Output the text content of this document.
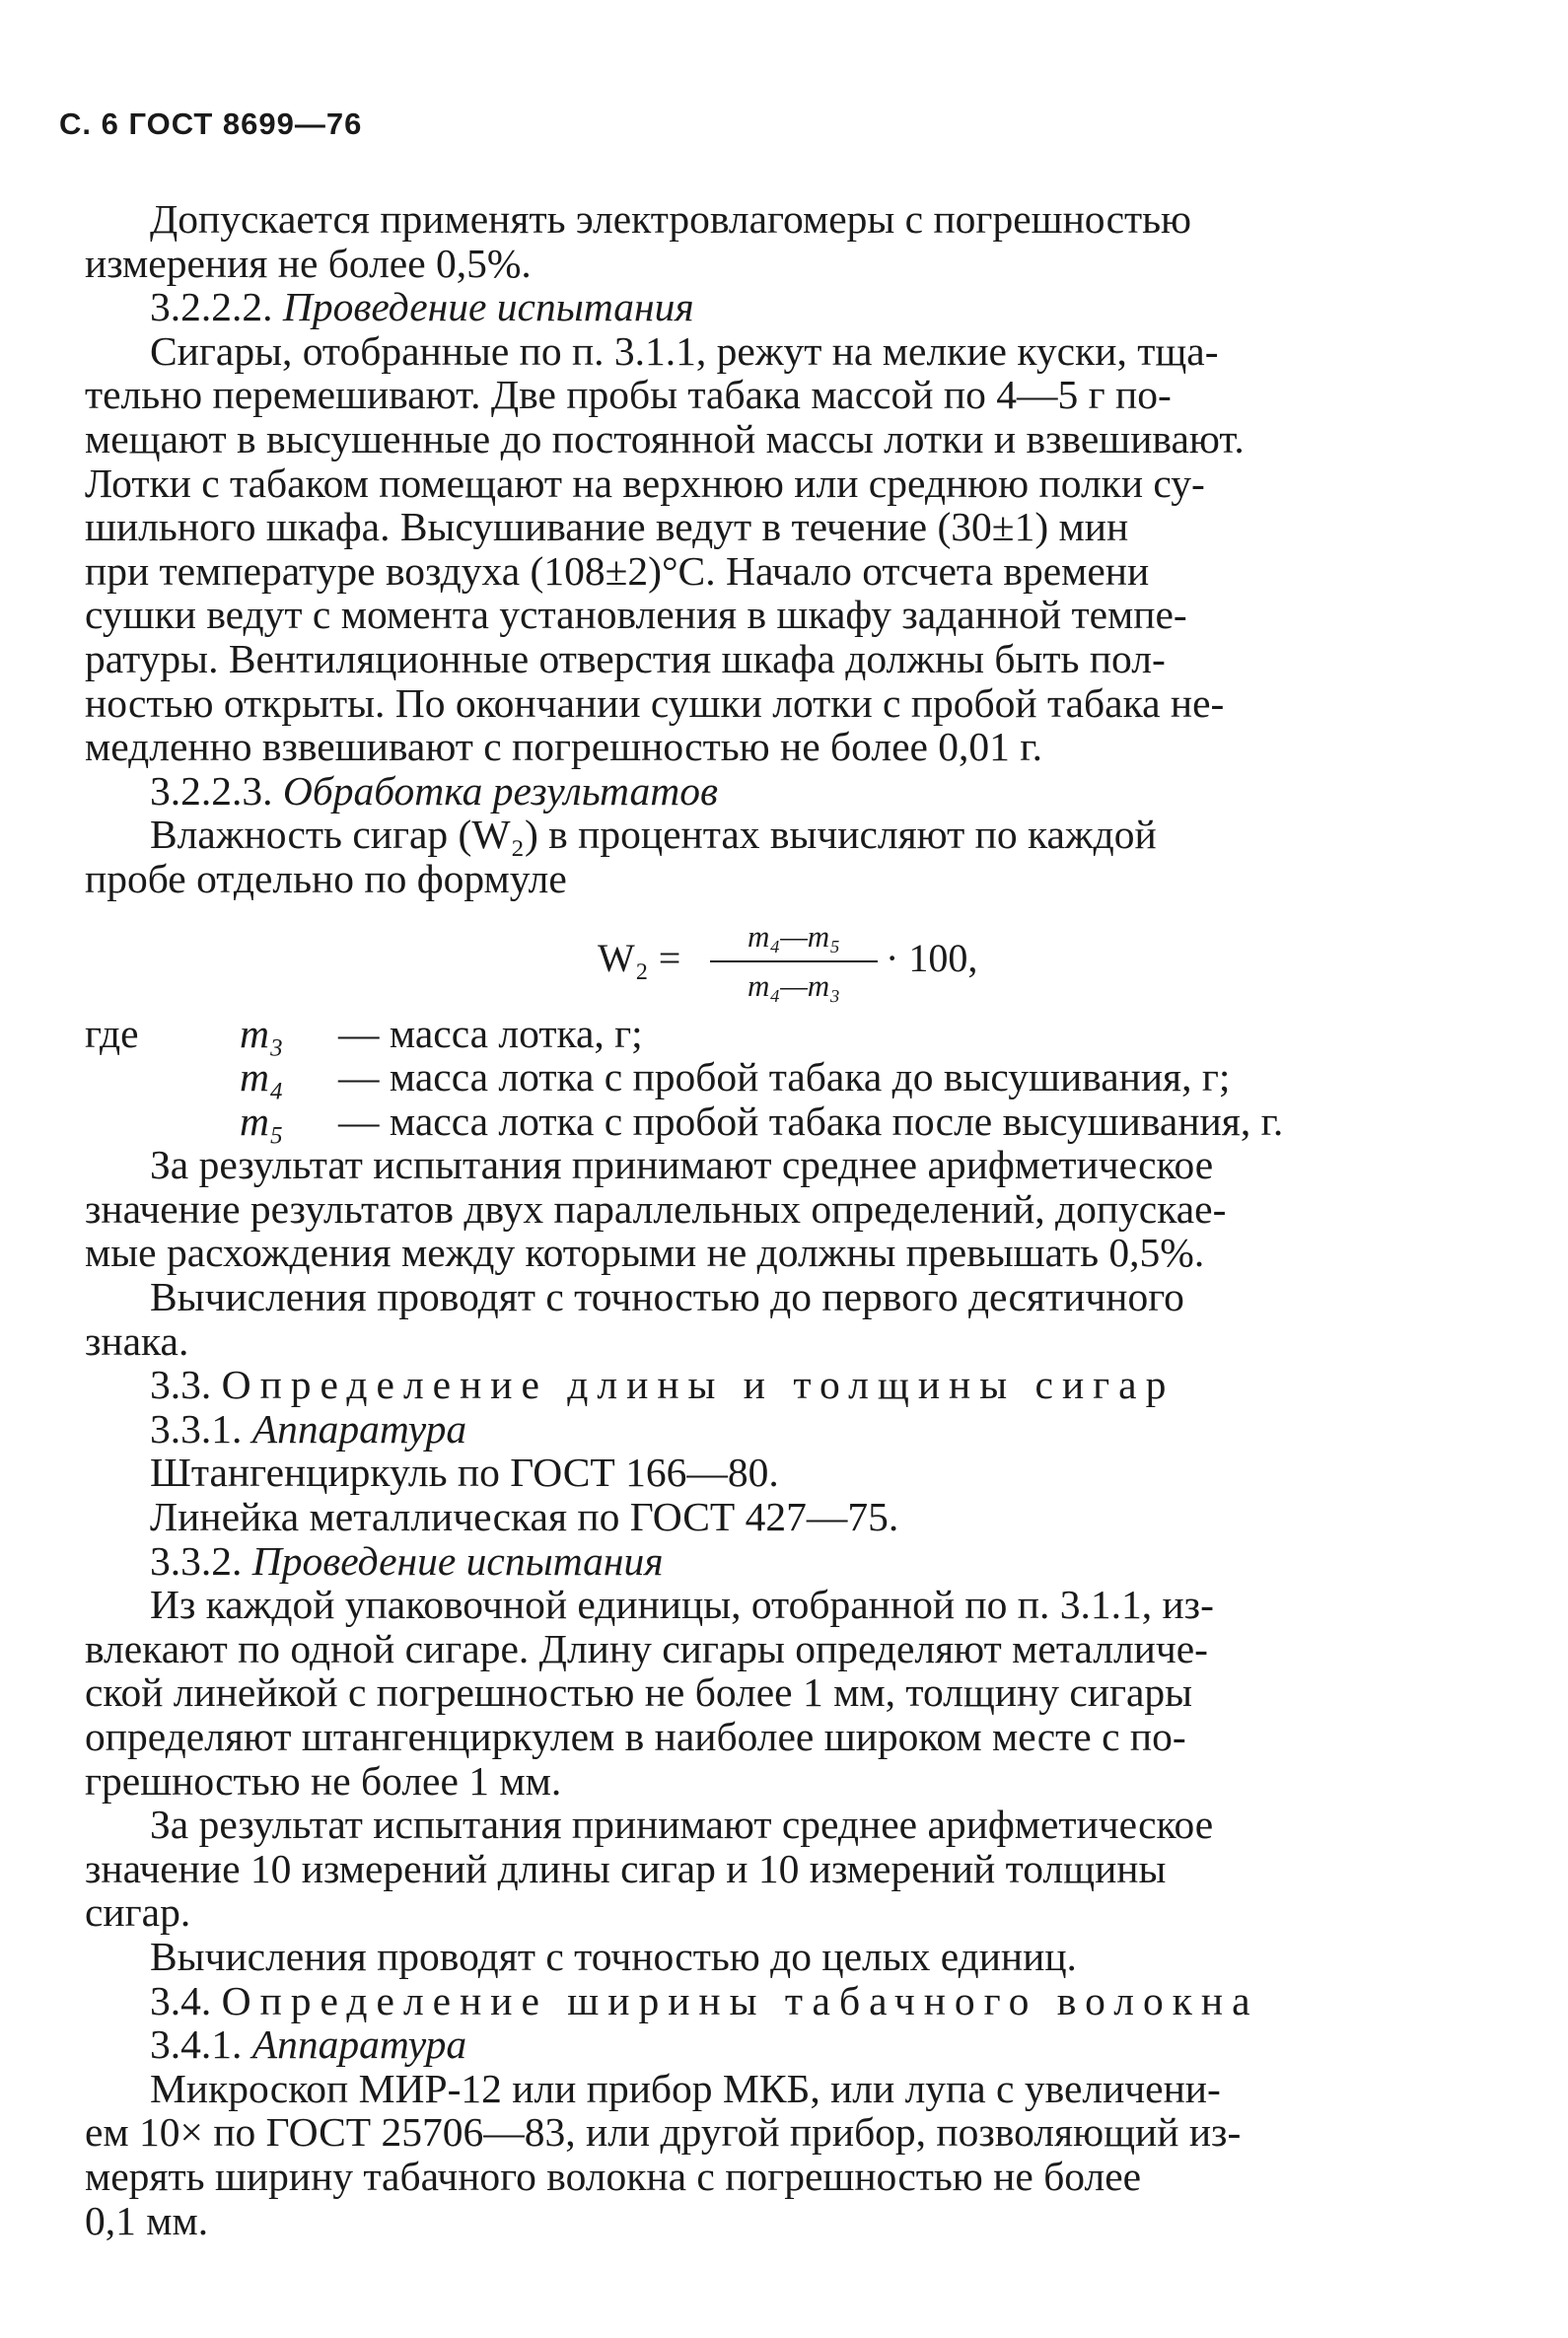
С. 6 ГОСТ 8699—76
Допускается применять электровлагомеры с погрешностью
измерения не более 0,5%.
3.2.2.2.
Проведение испытания
Сигары, отобранные по п. 3.1.1, режут на мелкие куски, тща-
тельно перемешивают. Две пробы табака массой по 4—5 г по-
мещают в высушенные до постоянной массы лотки и взвешивают.
Лотки с табаком помещают на верхнюю или среднюю полки су-
шильного шкафа. Высушивание ведут в течение (30±1) мин
при температуре воздуха (108±2)°С. Начало отсчета времени
сушки ведут с момента установления в шкафу заданной темпе-
ратуры. Вентиляционные отверстия шкафа должны быть пол-
ностью открыты. По окончании сушки лотки с пробой табака не-
медленно взвешивают с погрешностью не более 0,01 г.
3.2.2.3.
Обработка результатов
Влажность сигар (W₂) в процентах вычисляют по каждой
пробе отдельно по формуле
$W_2 = \frac{\text{m₄—m₅}}{\text{m₄—m₃}} \cdot 100$,
где m₃ — масса лотка, г;
m₄ — масса лотка с пробой табака до высушивания, г;
m₅ — масса лотка с пробой табака после высушивания, г.
За результат испытания принимают среднее арифметическое
значение результатов двух параллельных определений, допускае-
мые расхождения между которыми не должны превышать 0,5%.
Вычисления проводят с точностью до первого десятичного
знака.
3.3.
Определение длины и толщины сигар
3.3.1.
Аппаратура
Штангенциркуль по ГОСТ 166—80.
Линейка металлическая по ГОСТ 427—75.
3.3.2.
Проведение испытания
Из каждой упаковочной единицы, отобранной по п. 3.1.1, из-
влекают по одной сигаре. Длину сигары определяют металличе-
ской линейкой с погрешностью не более 1 мм, толщину сигары
определяют штангенциркулем в наиболее широком месте с по-
грешностью не более 1 мм.
За результат испытания принимают среднее арифметическое
значение 10 измерений длины сигар и 10 измерений толщины
сигар.
Вычисления проводят с точностью до целых единиц.
3.4.
Определение ширины табачного волокна
3.4.1.
Аппаратура
Микроскоп МИР-12 или прибор МКБ, или лупа с увеличени-
ем 10× по ГОСТ 25706—83, или другой прибор, позволяющий из-
мерять ширину табачного волокна с погрешностью не более
0,1 мм.
